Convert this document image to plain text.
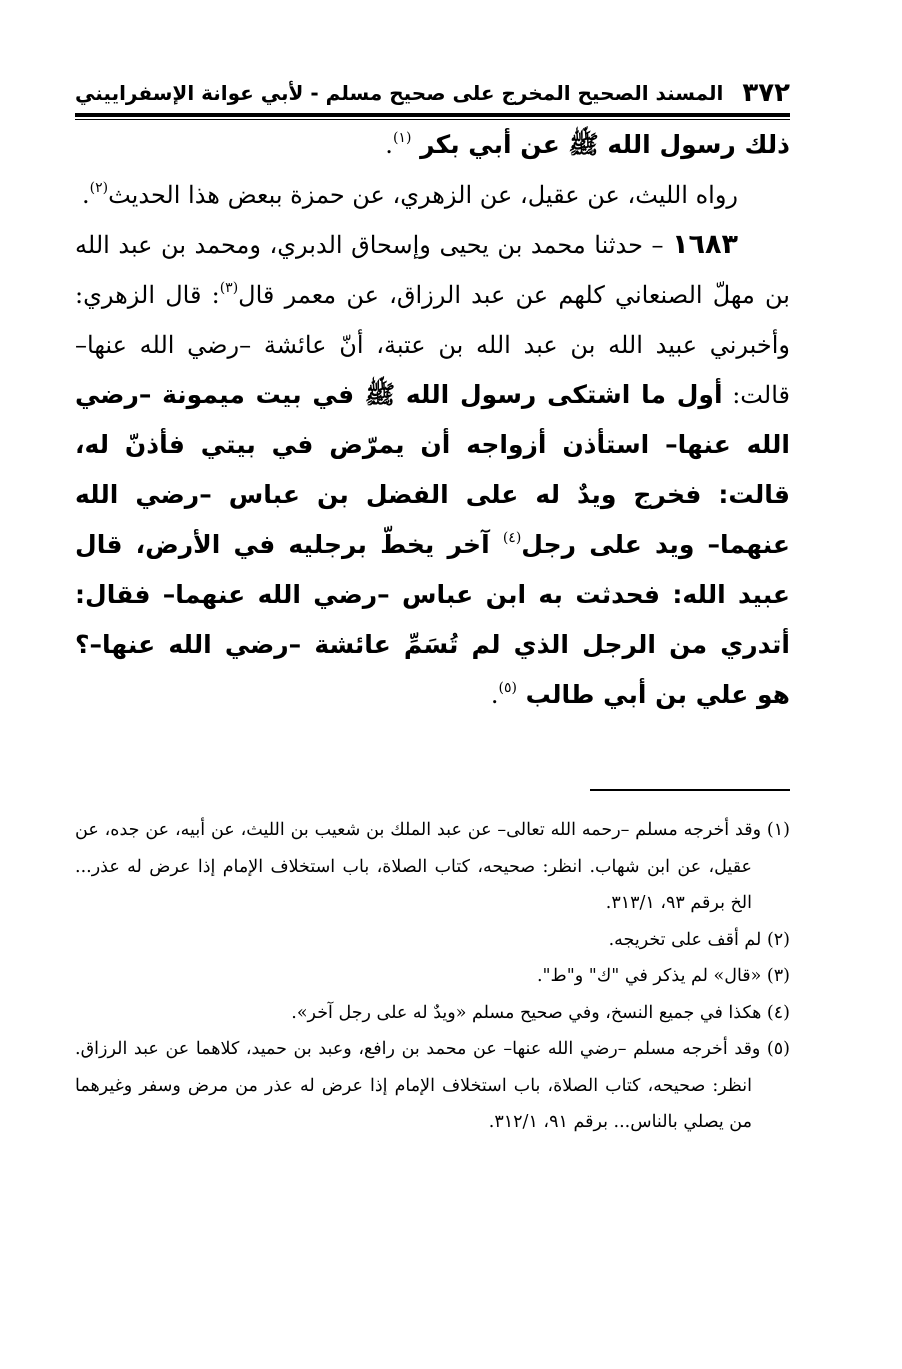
٣٧٢
المسند الصحيح المخرج على صحيح مسلم - لأبي عوانة الإسفراييني

ذلك رسول الله ﷺ عن أبي بكر $^{(١)}$.

رواه الليث، عن عقيل، عن الزهري، عن حمزة ببعض هذا الحديث$^{(٢)}$.

١٦٨٣ – حدثنا محمد بن يحيى وإسحاق الدبري، ومحمد بن عبد الله بن مهلّ الصنعاني كلهم عن عبد الرزاق، عن معمر قال$^{(٣)}$: قال الزهري: وأخبرني عبيد الله بن عبد الله بن عتبة، أنّ عائشة –رضي الله عنها– قالت: أول ما اشتكى رسول الله ﷺ في بيت ميمونة –رضي الله عنها– استأذن أزواجه أن يمرّض في بيتي فأذنّ له، قالت: فخرج ويدٌ له على الفضل بن عباس –رضي الله عنهما– ويد على رجل$^{(٤)}$ آخر يخطّ برجليه في الأرض، قال عبيد الله: فحدثت به ابن عباس –رضي الله عنهما– فقال: أتدري من الرجل الذي لم تُسَمِّ عائشة –رضي الله عنها–؟ هو علي بن أبي طالب $^{(٥)}$.

(١) وقد أخرجه مسلم –رحمه الله تعالى– عن عبد الملك بن شعيب بن الليث، عن أبيه، عن جده، عن عقيل، عن ابن شهاب. انظر: صحيحه، كتاب الصلاة، باب استخلاف الإمام إذا عرض له عذر... الخ برقم ٩٣، ٣١٣/١.

(٢) لم أقف على تخريجه.

(٣) «قال» لم يذكر في "ك" و"ط".

(٤) هكذا في جميع النسخ، وفي صحيح مسلم «ويدٌ له على رجل آخر».

(٥) وقد أخرجه مسلم –رضي الله عنها– عن محمد بن رافع، وعبد بن حميد، كلاهما عن عبد الرزاق. انظر: صحيحه، كتاب الصلاة، باب استخلاف الإمام إذا عرض له عذر من مرض وسفر وغيرهما من يصلي بالناس... برقم ٩١، ٣١٢/١.
